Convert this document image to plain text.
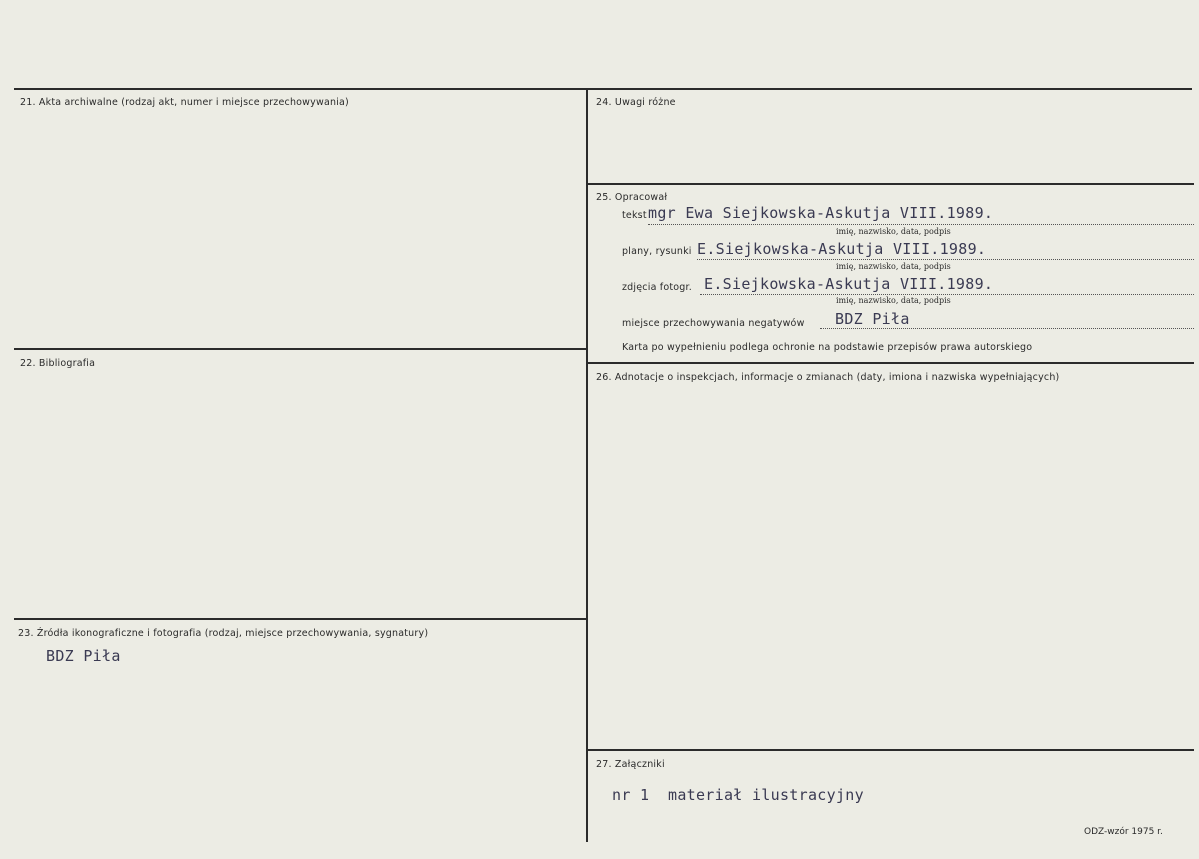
21. Akta archiwalne (rodzaj akt, numer i miejsce przechowywania)
22. Bibliografia
23. Źródła ikonograficzne i fotografia (rodzaj, miejsce przechowywania, sygnatury)
BDZ Piła
24. Uwagi różne
25. Opracował
tekst mgr Ewa Siejkowska-Askutja VIII.1989.
imię, nazwisko, data, podpis
plany, rysunki E.Siejkowska-Askutja VIII.1989.
imię, nazwisko, data, podpis
zdjęcia fotogr. E.Siejkowska-Askutja VIII.1989.
imię, nazwisko, data, podpis
miejsce przechowywania negatywów BDZ Piła
Karta po wypełnieniu podlega ochronie na podstawie przepisów prawa autorskiego
26. Adnotacje o inspekcjach, informacje o zmianach (daty, imiona i nazwiska wypełniających)
27. Załączniki
nr 1  materiał ilustracyjny
ODZ-wzór 1975 r.
